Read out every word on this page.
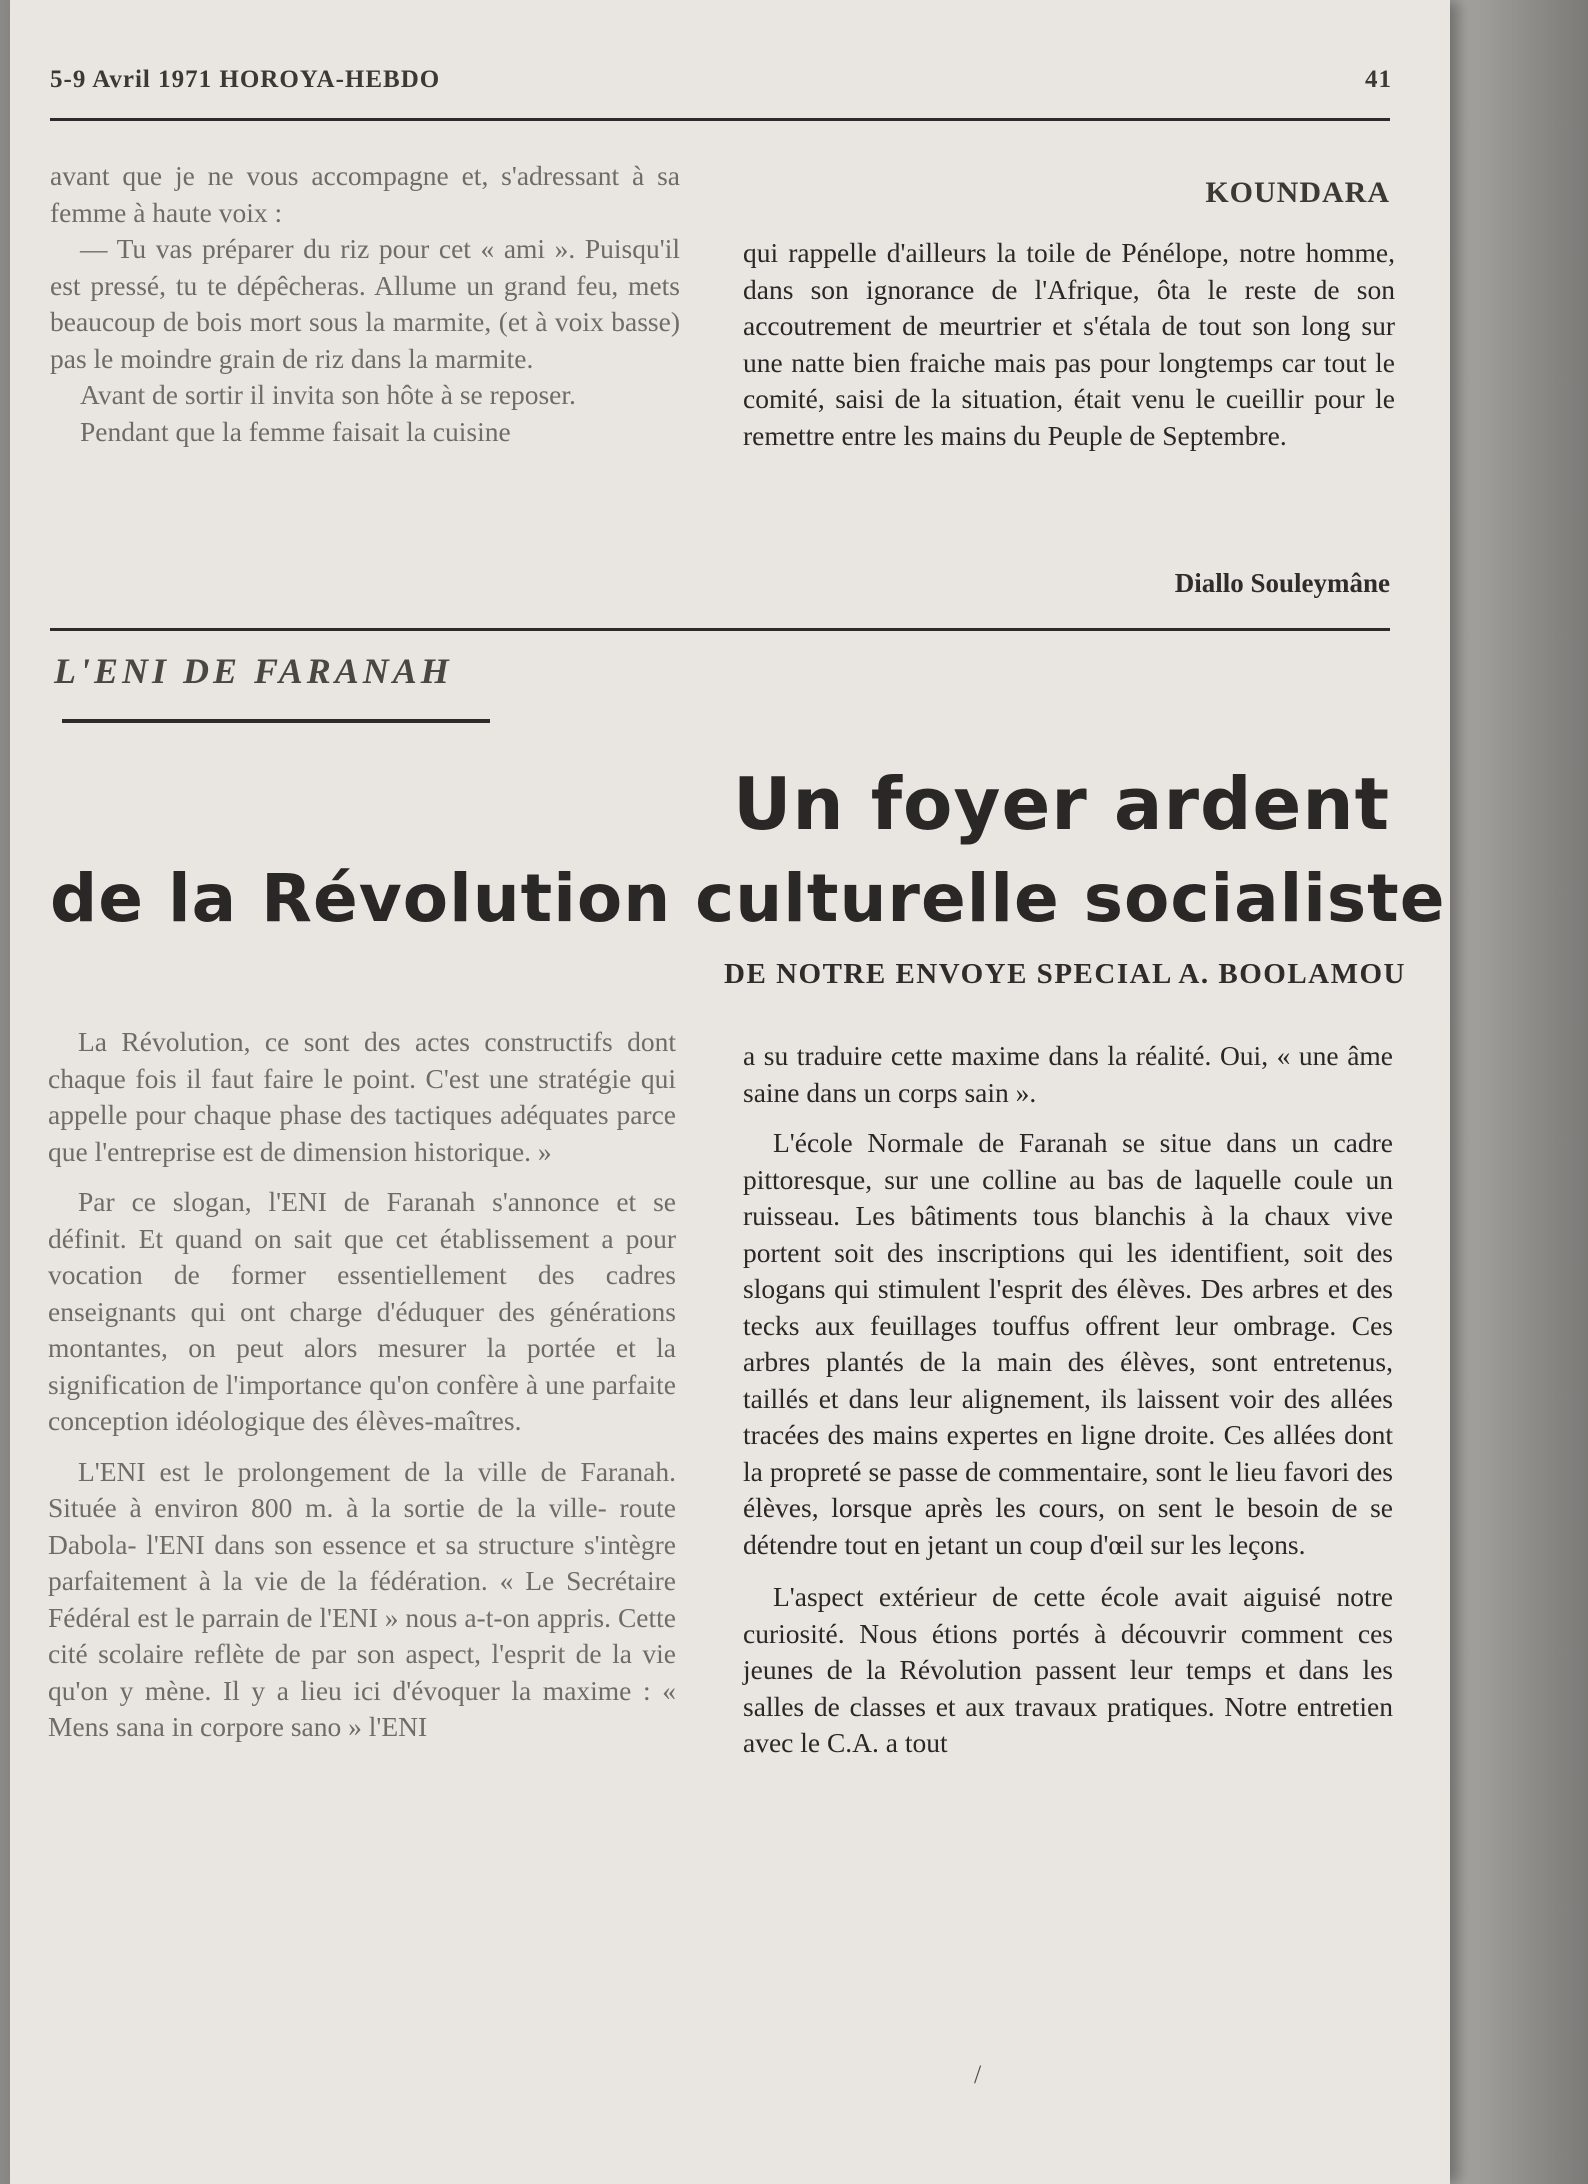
5-9 Avril 1971 HOROYA-HEBDO	41

avant que je ne vous accompagne et, s'adressant à sa femme à haute voix :

— Tu vas préparer du riz pour cet « ami ». Puisqu'il est pressé, tu te dépêcheras. Allume un grand feu, mets beaucoup de bois mort sous la marmite, (et à voix basse) pas le moindre grain de riz dans la marmite.

Avant de sortir il invita son hôte à se reposer.

Pendant que la femme faisait la cuisine

KOUNDARA

qui rappelle d'ailleurs la toile de Pénélope, notre homme, dans son ignorance de l'Afrique, ôta le reste de son accoutrement de meurtrier et s'étala de tout son long sur une natte bien fraiche mais pas pour longtemps car tout le comité, saisi de la situation, était venu le cueillir pour le remettre entre les mains du Peuple de Septembre.

Diallo Souleymâne
L'ENI DE FARANAH
Un foyer ardent
de la Révolution culturelle socialiste
DE NOTRE ENVOYE SPECIAL A. BOOLAMOU

La Révolution, ce sont des actes constructifs dont chaque fois il faut faire le point. C'est une stratégie qui appelle pour chaque phase des tactiques adéquates parce que l'entreprise est de dimension historique. »

Par ce slogan, l'ENI de Faranah s'annonce et se définit. Et quand on sait que cet établissement a pour vocation de former essentiellement des cadres enseignants qui ont charge d'éduquer des générations montantes, on peut alors mesurer la portée et la signification de l'importance qu'on confère à une parfaite conception idéologique des élèves-maîtres.

L'ENI est le prolongement de la ville de Faranah. Située à environ 800 m. à la sortie de la ville- route Dabola- l'ENI dans son essence et sa structure s'intègre parfaitement à la vie de la fédération. « Le Secrétaire Fédéral est le parrain de l'ENI » nous a-t-on appris. Cette cité scolaire reflète de par son aspect, l'esprit de la vie qu'on y mène. Il y a lieu ici d'évoquer la maxime : « Mens sana in corpore sano » l'ENI

a su traduire cette maxime dans la réalité. Oui, « une âme saine dans un corps sain ».

L'école Normale de Faranah se situe dans un cadre pittoresque, sur une colline au bas de laquelle coule un ruisseau. Les bâtiments tous blanchis à la chaux vive portent soit des inscriptions qui les identifient, soit des slogans qui stimulent l'esprit des élèves. Des arbres et des tecks aux feuillages touffus offrent leur ombrage. Ces arbres plantés de la main des élèves, sont entretenus, taillés et dans leur alignement, ils laissent voir des allées tracées des mains expertes en ligne droite. Ces allées dont la propreté se passe de commentaire, sont le lieu favori des élèves, lorsque après les cours, on sent le besoin de se détendre tout en jetant un coup d'œil sur les leçons.

L'aspect extérieur de cette école avait aiguisé notre curiosité. Nous étions portés à découvrir comment ces jeunes de la Révolution passent leur temps et dans les salles de classes et aux travaux pratiques. Notre entretien avec le C.A. a tout

/
